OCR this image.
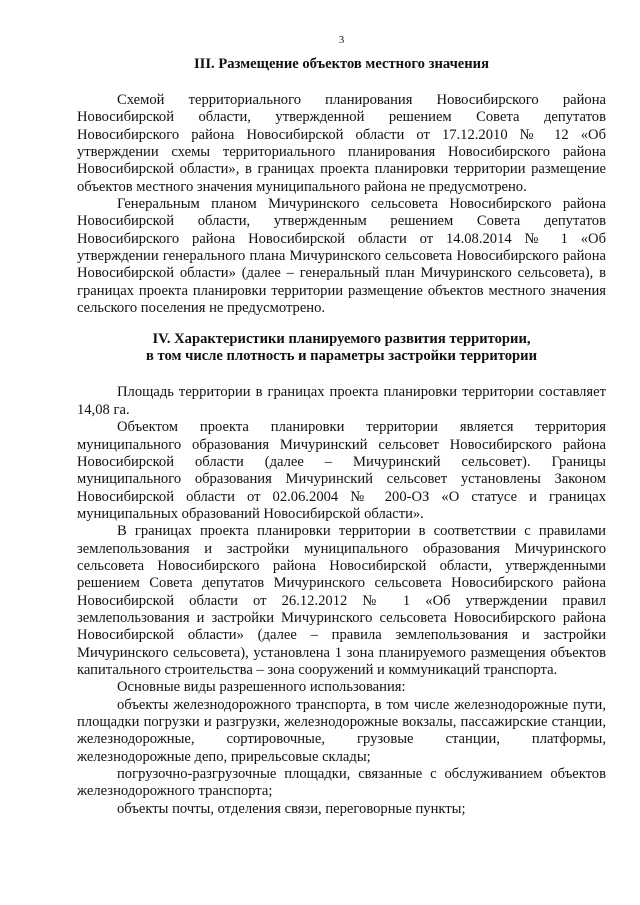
3
III. Размещение объектов местного значения

Схемой территориального планирования Новосибирского района Новосибирской области, утвержденной решением Совета депутатов Новосибирского района Новосибирской области от 17.12.2010 № 12 «Об утверждении схемы территориального планирования Новосибирского района Новосибирской области», в границах проекта планировки территории размещение объектов местного значения муниципального района не предусмотрено.

Генеральным планом Мичуринского сельсовета Новосибирского района Новосибирской области, утвержденным решением Совета депутатов Новосибирского района Новосибирской области от 14.08.2014 № 1 «Об утверждении генерального плана Мичуринского сельсовета Новосибирского района Новосибирской области» (далее – генеральный план Мичуринского сельсовета), в границах проекта планировки территории размещение объектов местного значения сельского поселения не предусмотрено.

IV. Характеристики планируемого развития территории,
в том числе плотность и параметры застройки территории

Площадь территории в границах проекта планировки территории составляет 14,08 га.

Объектом проекта планировки территории является территория муниципального образования Мичуринский сельсовет Новосибирского района Новосибирской области (далее – Мичуринский сельсовет). Границы муниципального образования Мичуринский сельсовет установлены Законом Новосибирской области от 02.06.2004 № 200-ОЗ «О статусе и границах муниципальных образований Новосибирской области».

В границах проекта планировки территории в соответствии с правилами землепользования и застройки муниципального образования Мичуринского сельсовета Новосибирского района Новосибирской области, утвержденными решением Совета депутатов Мичуринского сельсовета Новосибирского района Новосибирской области от 26.12.2012 № 1 «Об утверждении правил землепользования и застройки Мичуринского сельсовета Новосибирского района Новосибирской области» (далее – правила землепользования и застройки Мичуринского сельсовета), установлена 1 зона планируемого размещения объектов капитального строительства – зона сооружений и коммуникаций транспорта.

Основные виды разрешенного использования:

объекты железнодорожного транспорта, в том числе железнодорожные пути, площадки погрузки и разгрузки, железнодорожные вокзалы, пассажирские станции, железнодорожные, сортировочные, грузовые станции, платформы, железнодорожные депо, прирельсовые склады;

погрузочно-разгрузочные площадки, связанные с обслуживанием объектов железнодорожного транспорта;

объекты почты, отделения связи, переговорные пункты;
